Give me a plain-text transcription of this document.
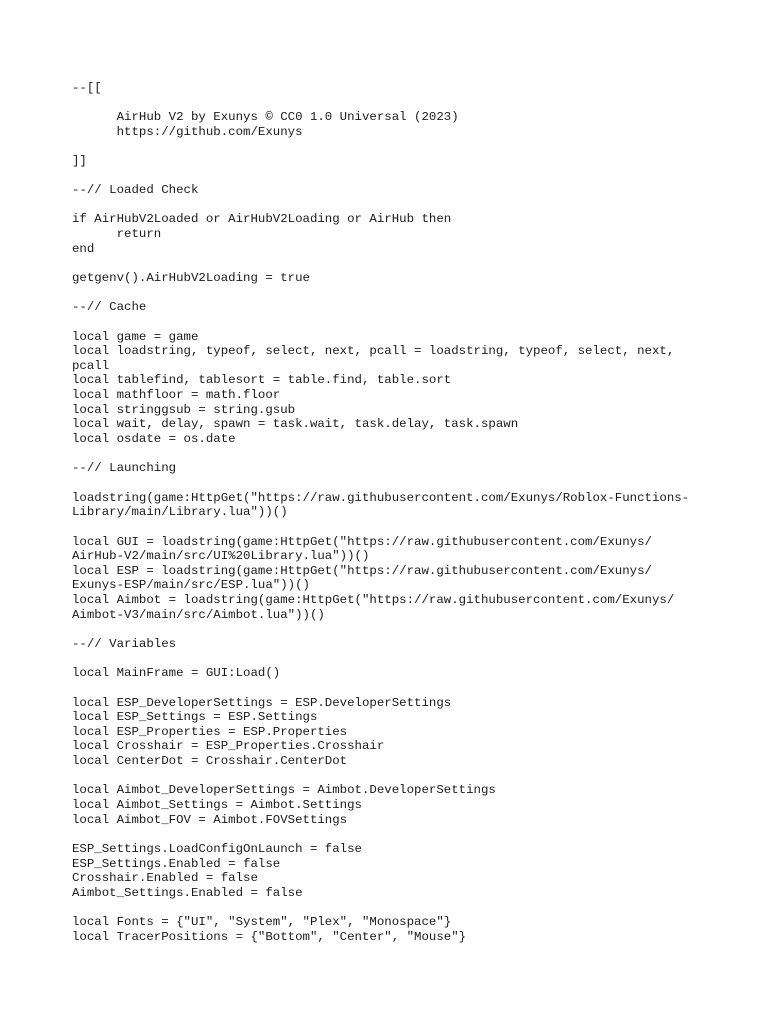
--[[
AirHub V2 by Exunys © CC0 1.0 Universal (2023)
https://github.com/Exunys
]]
--// Loaded Check
if AirHubV2Loaded or AirHubV2Loading or AirHub then
return
end
getgenv().AirHubV2Loading = true
--// Cache
local game = game
local loadstring, typeof, select, next, pcall = loadstring, typeof, select, next,
pcall
local tablefind, tablesort = table.find, table.sort
local mathfloor = math.floor
local stringgsub = string.gsub
local wait, delay, spawn = task.wait, task.delay, task.spawn
local osdate = os.date
--// Launching
loadstring(game:HttpGet("https://raw.githubusercontent.com/Exunys/Roblox-Functions-
Library/main/Library.lua"))()
local GUI = loadstring(game:HttpGet("https://raw.githubusercontent.com/Exunys/
AirHub-V2/main/src/UI%20Library.lua"))()
local ESP = loadstring(game:HttpGet("https://raw.githubusercontent.com/Exunys/
Exunys-ESP/main/src/ESP.lua"))()
local Aimbot = loadstring(game:HttpGet("https://raw.githubusercontent.com/Exunys/
Aimbot-V3/main/src/Aimbot.lua"))()
--// Variables
local MainFrame = GUI:Load()
local ESP_DeveloperSettings = ESP.DeveloperSettings
local ESP_Settings = ESP.Settings
local ESP_Properties = ESP.Properties
local Crosshair = ESP_Properties.Crosshair
local CenterDot = Crosshair.CenterDot
local Aimbot_DeveloperSettings = Aimbot.DeveloperSettings
local Aimbot_Settings = Aimbot.Settings
local Aimbot_FOV = Aimbot.FOVSettings
ESP_Settings.LoadConfigOnLaunch = false
ESP_Settings.Enabled = false
Crosshair.Enabled = false
Aimbot_Settings.Enabled = false
local Fonts = {"UI", "System", "Plex", "Monospace"}
local TracerPositions = {"Bottom", "Center", "Mouse"}
